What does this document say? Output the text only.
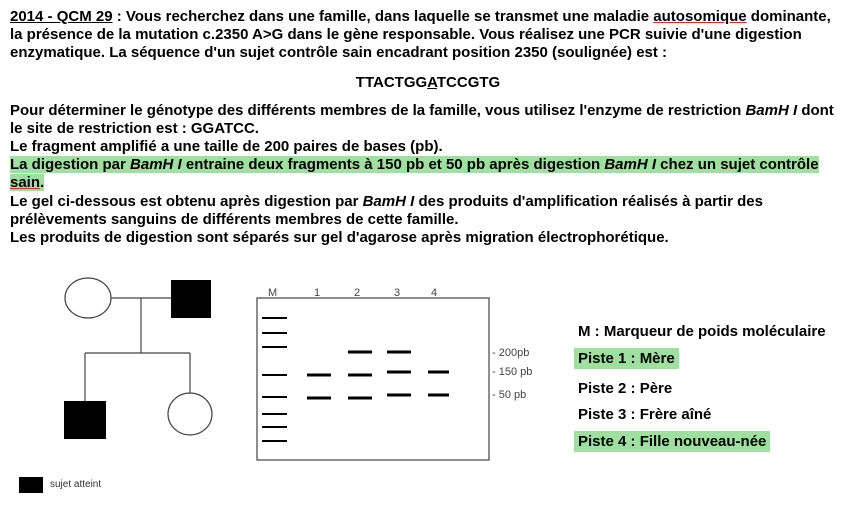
2014 - QCM 29 : Vous recherchez dans une famille, dans laquelle se transmet une maladie autosomique dominante, la présence de la mutation c.2350 A>G dans le gène responsable. Vous réalisez une PCR suivie d'une digestion enzymatique. La séquence d'un sujet contrôle sain encadrant position 2350 (soulignée) est :

TTACTGGATCCGTG

Pour déterminer le génotype des différents membres de la famille, vous utilisez l'enzyme de restriction BamH I dont le site de restriction est : GGATCC.

Le fragment amplifié a une taille de 200 paires de bases (pb).

La digestion par BamH I entraine deux fragments à 150 pb et 50 pb après digestion BamH I chez un sujet contrôle sain.

Le gel ci-dessous est obtenu après digestion par BamH I des produits d'amplification réalisés à partir des prélèvements sanguins de différents membres de cette famille.

Les produits de digestion sont séparés sur gel d'agarose après migration électrophorétique.

M	1	2	3	4
- 200pb
- 150 pb
- 50 pb
M : Marqueur de poids moléculaire
Piste 1 : Mère
Piste 2 : Père
Piste 3 : Frère aîné
Piste 4 : Fille nouveau-née
sujet atteint
